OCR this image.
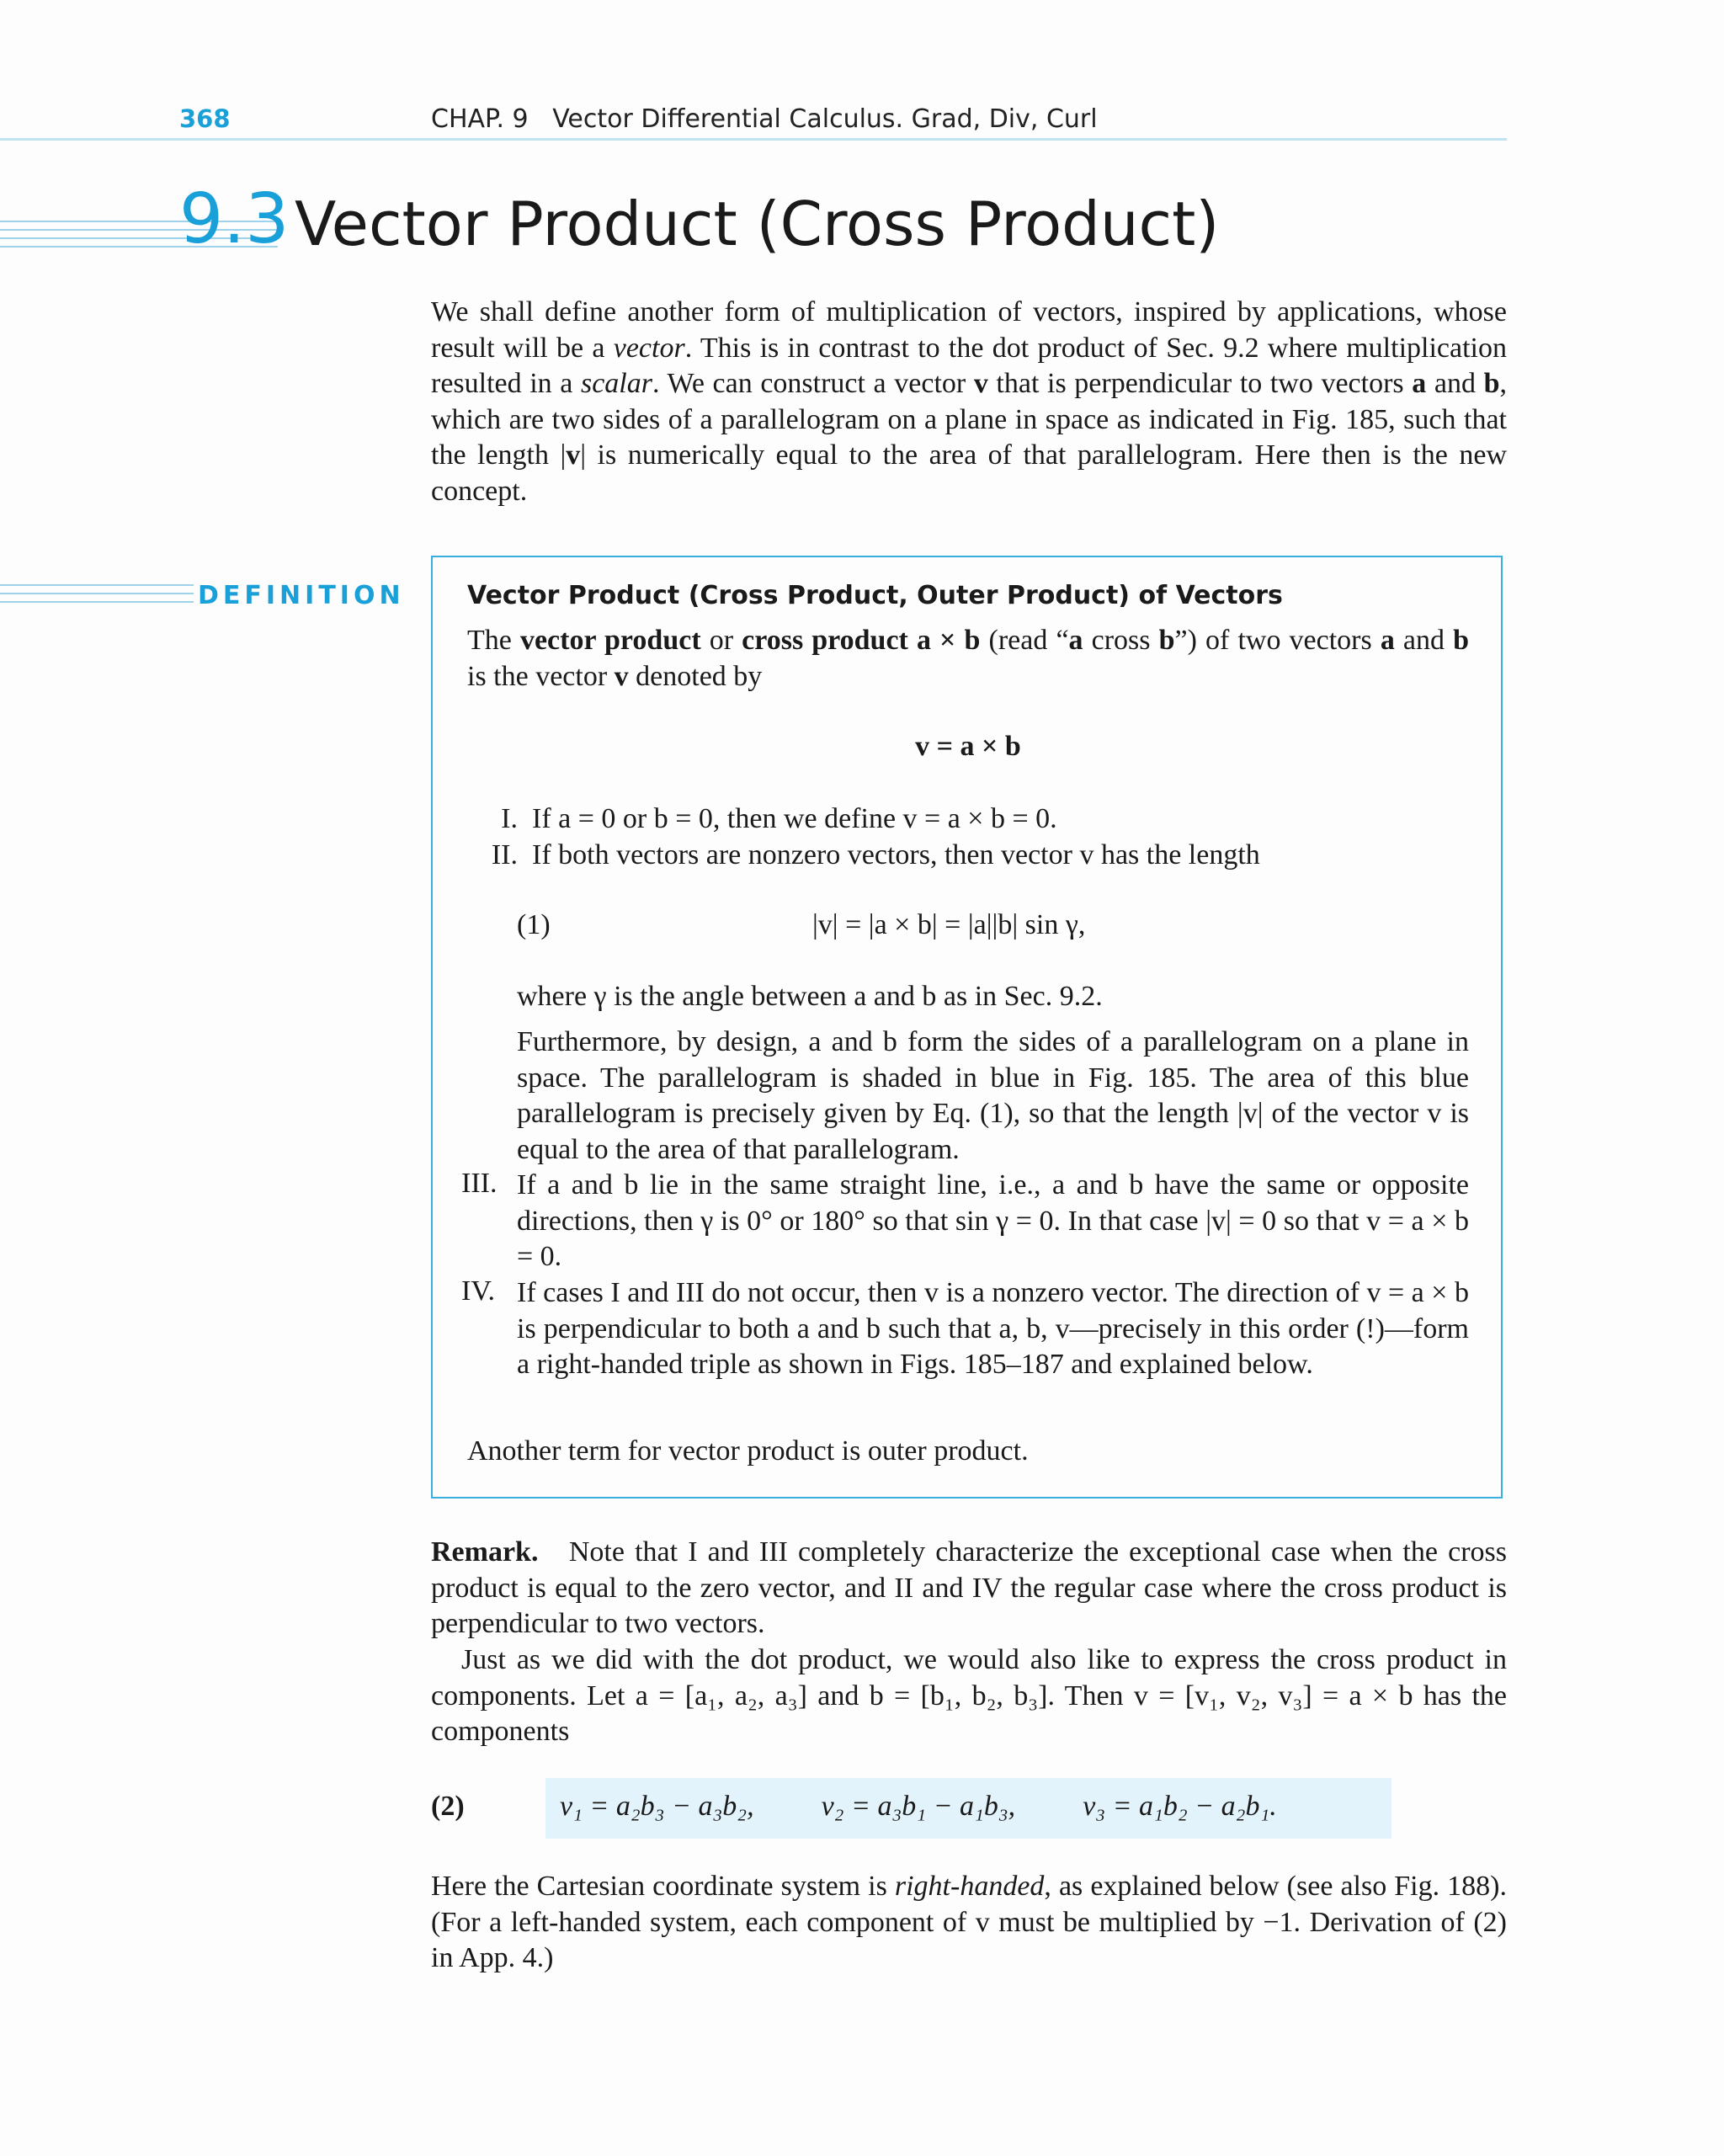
368	CHAP. 9   Vector Differential Calculus. Grad, Div, Curl
9.3 Vector Product (Cross Product)
We shall define another form of multiplication of vectors, inspired by applications, whose result will be a vector. This is in contrast to the dot product of Sec. 9.2 where multiplication resulted in a scalar. We can construct a vector v that is perpendicular to two vectors a and b, which are two sides of a parallelogram on a plane in space as indicated in Fig. 185, such that the length |v| is numerically equal to the area of that parallelogram. Here then is the new concept.
DEFINITION Vector Product (Cross Product, Outer Product) of Vectors
The vector product or cross product a × b (read “a cross b”) of two vectors a and b is the vector v denoted by
v = a × b
I. If a = 0 or b = 0, then we define v = a × b = 0.
II. If both vectors are nonzero vectors, then vector v has the length
(1)	|v| = |a × b| = |a||b| sin γ,
where γ is the angle between a and b as in Sec. 9.2.
Furthermore, by design, a and b form the sides of a parallelogram on a plane in space. The parallelogram is shaded in blue in Fig. 185. The area of this blue parallelogram is precisely given by Eq. (1), so that the length |v| of the vector v is equal to the area of that parallelogram.
III. If a and b lie in the same straight line, i.e., a and b have the same or opposite directions, then γ is 0° or 180° so that sin γ = 0. In that case |v| = 0 so that v = a × b = 0.
IV. If cases I and III do not occur, then v is a nonzero vector. The direction of v = a × b is perpendicular to both a and b such that a, b, v—precisely in this order (!)—form a right-handed triple as shown in Figs. 185–187 and explained below.
Another term for vector product is outer product.
Remark. Note that I and III completely characterize the exceptional case when the cross product is equal to the zero vector, and II and IV the regular case where the cross product is perpendicular to two vectors.
Just as we did with the dot product, we would also like to express the cross product in components. Let a = [a₁, a₂, a₃] and b = [b₁, b₂, b₃]. Then v = [v₁, v₂, v₃] = a × b has the components
(2)	v₁ = a₂b₃ − a₃b₂, v₂ = a₃b₁ − a₁b₃, v₃ = a₁b₂ − a₂b₁.
Here the Cartesian coordinate system is right-handed, as explained below (see also Fig. 188). (For a left-handed system, each component of v must be multiplied by −1. Derivation of (2) in App. 4.)
